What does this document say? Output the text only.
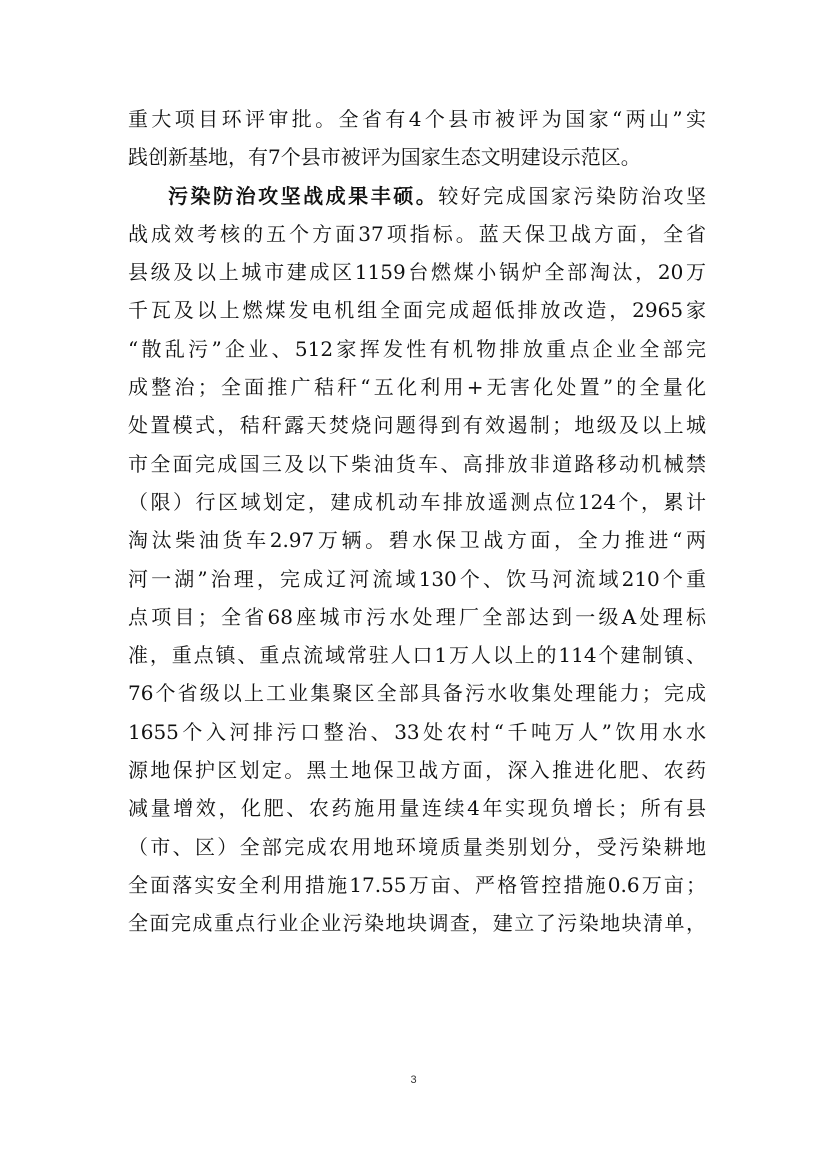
重大项目环评审批。全省有4个县市被评为国家“两山”实
践创新基地，有7个县市被评为国家生态文明建设示范区。
污染防治攻坚战成果丰硕。较好完成国家污染防治攻坚
战成效考核的五个方面37项指标。蓝天保卫战方面，全省
县级及以上城市建成区1159台燃煤小锅炉全部淘汰，20万
千瓦及以上燃煤发电机组全面完成超低排放改造，2965家
“散乱污”企业、512家挥发性有机物排放重点企业全部完
成整治；全面推广秸秆“五化利用+无害化处置”的全量化
处置模式，秸秆露天焚烧问题得到有效遏制；地级及以上城
市全面完成国三及以下柴油货车、高排放非道路移动机械禁
（限）行区域划定，建成机动车排放遥测点位124个，累计
淘汰柴油货车2.97万辆。碧水保卫战方面，全力推进“两
河一湖”治理，完成辽河流域130个、饮马河流域210个重
点项目；全省68座城市污水处理厂全部达到一级A处理标
准，重点镇、重点流域常驻人口1万人以上的114个建制镇、
76个省级以上工业集聚区全部具备污水收集处理能力；完成
1655个入河排污口整治、33处农村“千吨万人”饮用水水
源地保护区划定。黑土地保卫战方面，深入推进化肥、农药
减量增效，化肥、农药施用量连续4年实现负增长；所有县
（市、区）全部完成农用地环境质量类别划分，受污染耕地
全面落实安全利用措施17.55万亩、严格管控措施0.6万亩；
全面完成重点行业企业污染地块调查，建立了污染地块清单，
3
